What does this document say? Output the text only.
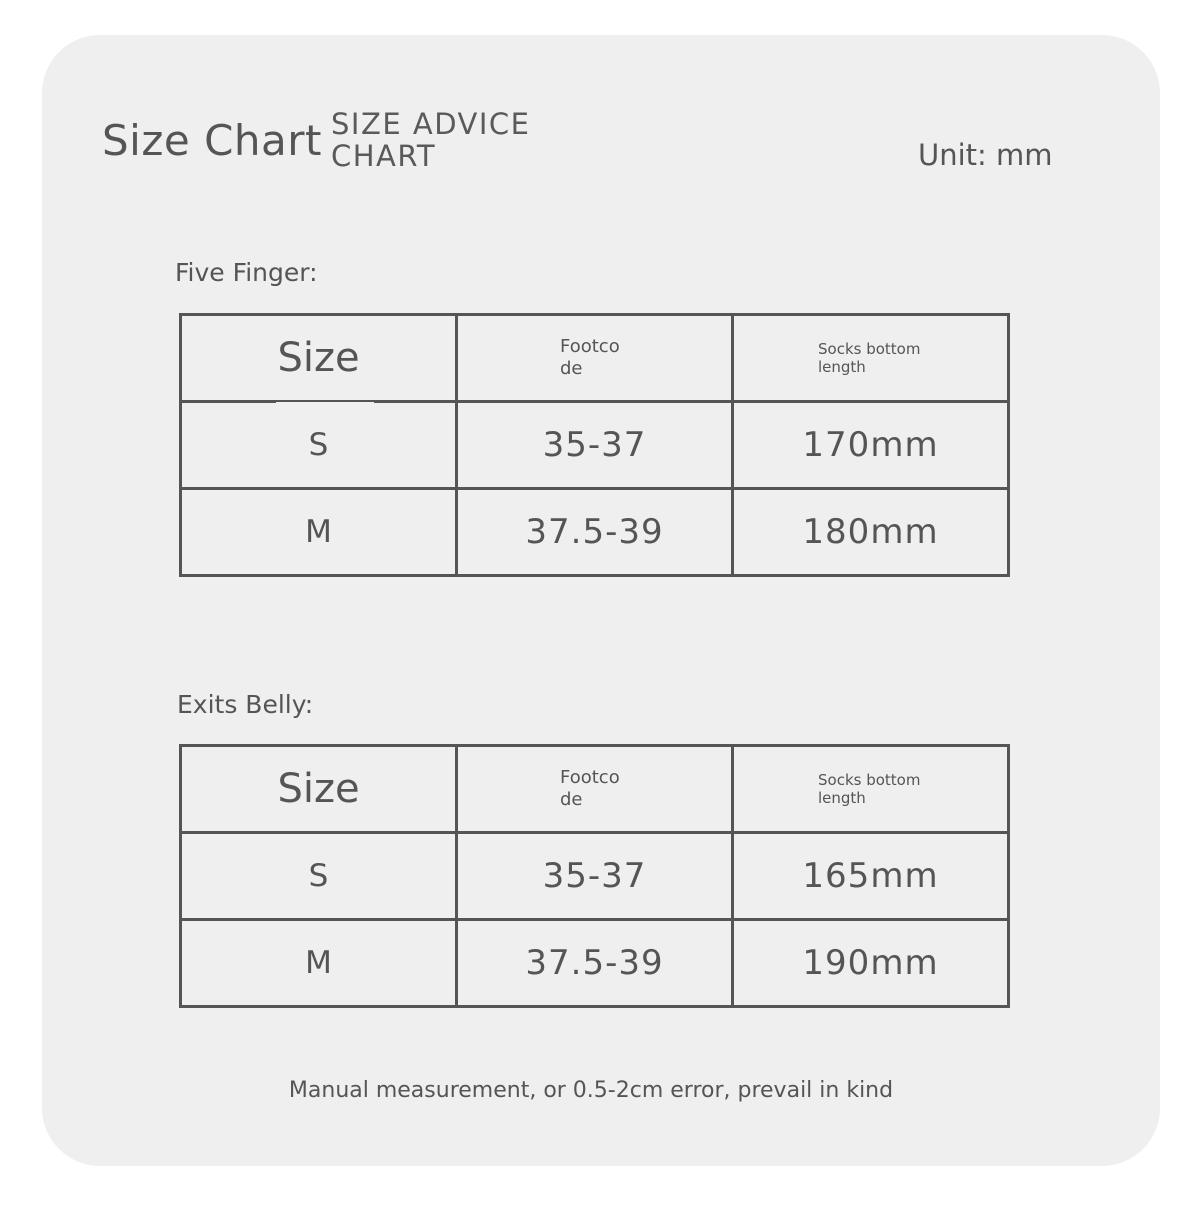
Size Chart SIZE ADVICE
CHART	Unit: mm
Five Finger:
Size	Footco de	Socks bottom length

S	35-37	170mm
M	37.5-39	180mm
Exits Belly:
Size	Footco de	Socks bottom length

S	35-37	165mm
M	37.5-39	190mm
Manual measurement, or 0.5-2cm error, prevail in kind
